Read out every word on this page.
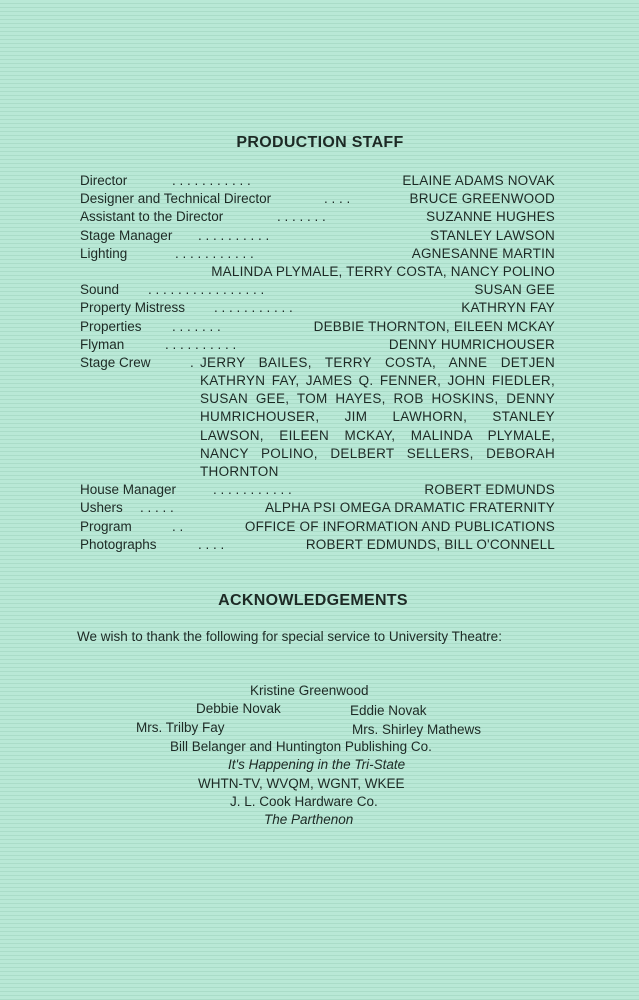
PRODUCTION STAFF
Director	. . . . . . . . . . .	ELAINE ADAMS NOVAK
Designer and Technical Director	. . . .	BRUCE GREENWOOD
Assistant to the Director	. . . . . . .	SUZANNE HUGHES
Stage Manager . . . . . . . . . .	STANLEY LAWSON
Lighting	. . . . . . . . . . .	AGNESANNE MARTIN
MALINDA PLYMALE, TERRY COSTA, NANCY POLINO
Sound . . . . . . . . . . . . . . . .	SUSAN GEE
Property Mistress . . . . . . . . . . .	KATHRYN FAY
Properties . . . . . . .	DEBBIE THORNTON, EILEEN MCKAY
Flyman	. . . . . . . . . .	DENNY HUMRICHOUSER
Stage Crew	. JERRY BAILES, TERRY COSTA, ANNE DETJEN KATHRYN FAY, JAMES Q. FENNER, JOHN FIEDLER, SUSAN GEE, TOM HAYES, ROB HOSKINS, DENNY HUMRICHOUSER, JIM LAWHORN, STANLEY LAWSON, EILEEN MCKAY, MALINDA PLYMALE, NANCY POLINO, DELBERT SELLERS, DEBORAH THORNTON
House Manager	. . . . . . . . . . .	ROBERT EDMUNDS
Ushers . . . . .	ALPHA PSI OMEGA DRAMATIC FRATERNITY
Program	. .	OFFICE OF INFORMATION AND PUBLICATIONS
Photographs	. . . .	ROBERT EDMUNDS, BILL O'CONNELL
ACKNOWLEDGEMENTS
We wish to thank the following for special service to University Theatre:
Kristine Greenwood
Debbie Novak	Eddie Novak
Mrs. Trilby Fay	Mrs. Shirley Mathews
Bill Belanger and Huntington Publishing Co.
It's Happening in the Tri-State
WHTN-TV, WVQM, WGNT, WKEE
J. L. Cook Hardware Co.
The Parthenon
